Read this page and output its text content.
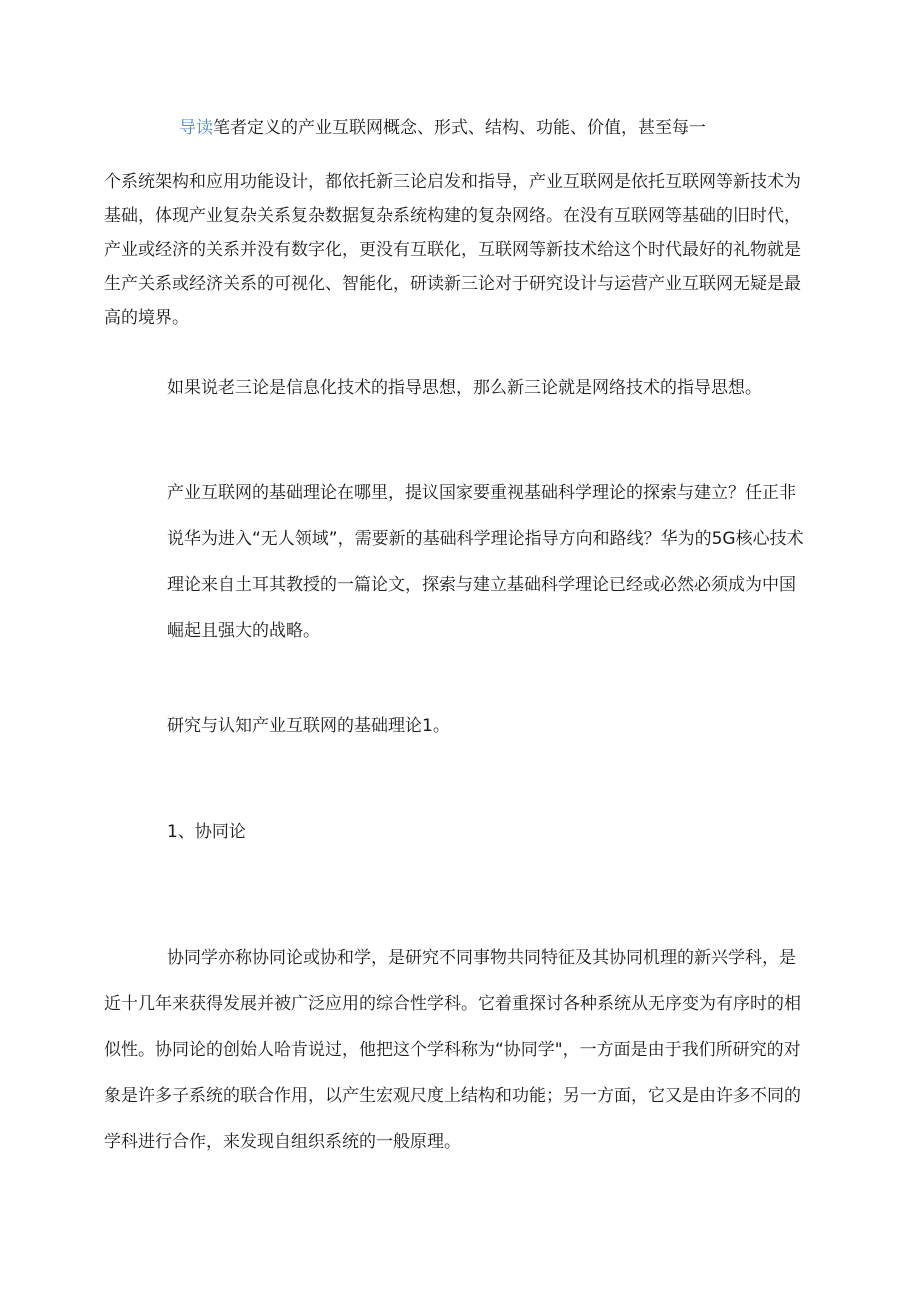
导读笔者定义的产业互联网概念、形式、结构、功能、价值，甚至每一

个系统架构和应用功能设计，都依托新三论启发和指导，产业互联网是依托互联网等新技术为基础，体现产业复杂关系复杂数据复杂系统构建的复杂网络。在没有互联网等基础的旧时代，产业或经济的关系并没有数字化，更没有互联化，互联网等新技术给这个时代最好的礼物就是生产关系或经济关系的可视化、智能化，研读新三论对于研究设计与运营产业互联网无疑是最高的境界。

如果说老三论是信息化技术的指导思想，那么新三论就是网络技术的指导思想。

产业互联网的基础理论在哪里，提议国家要重视基础科学理论的探索与建立？任正非说华为进入“无人领域”，需要新的基础科学理论指导方向和路线？华为的5G核心技术理论来自土耳其教授的一篇论文，探索与建立基础科学理论已经或必然必须成为中国崛起且强大的战略。

研究与认知产业互联网的基础理论1。

1、协同论

协同学亦称协同论或协和学，是研究不同事物共同特征及其协同机理的新兴学科，是近十几年来获得发展并被广泛应用的综合性学科。它着重探讨各种系统从无序变为有序时的相似性。协同论的创始人哈肯说过，他把这个学科称为“协同学"，一方面是由于我们所研究的对象是许多子系统的联合作用，以产生宏观尺度上结构和功能；另一方面，它又是由许多不同的学科进行合作，来发现自组织系统的一般原理。
